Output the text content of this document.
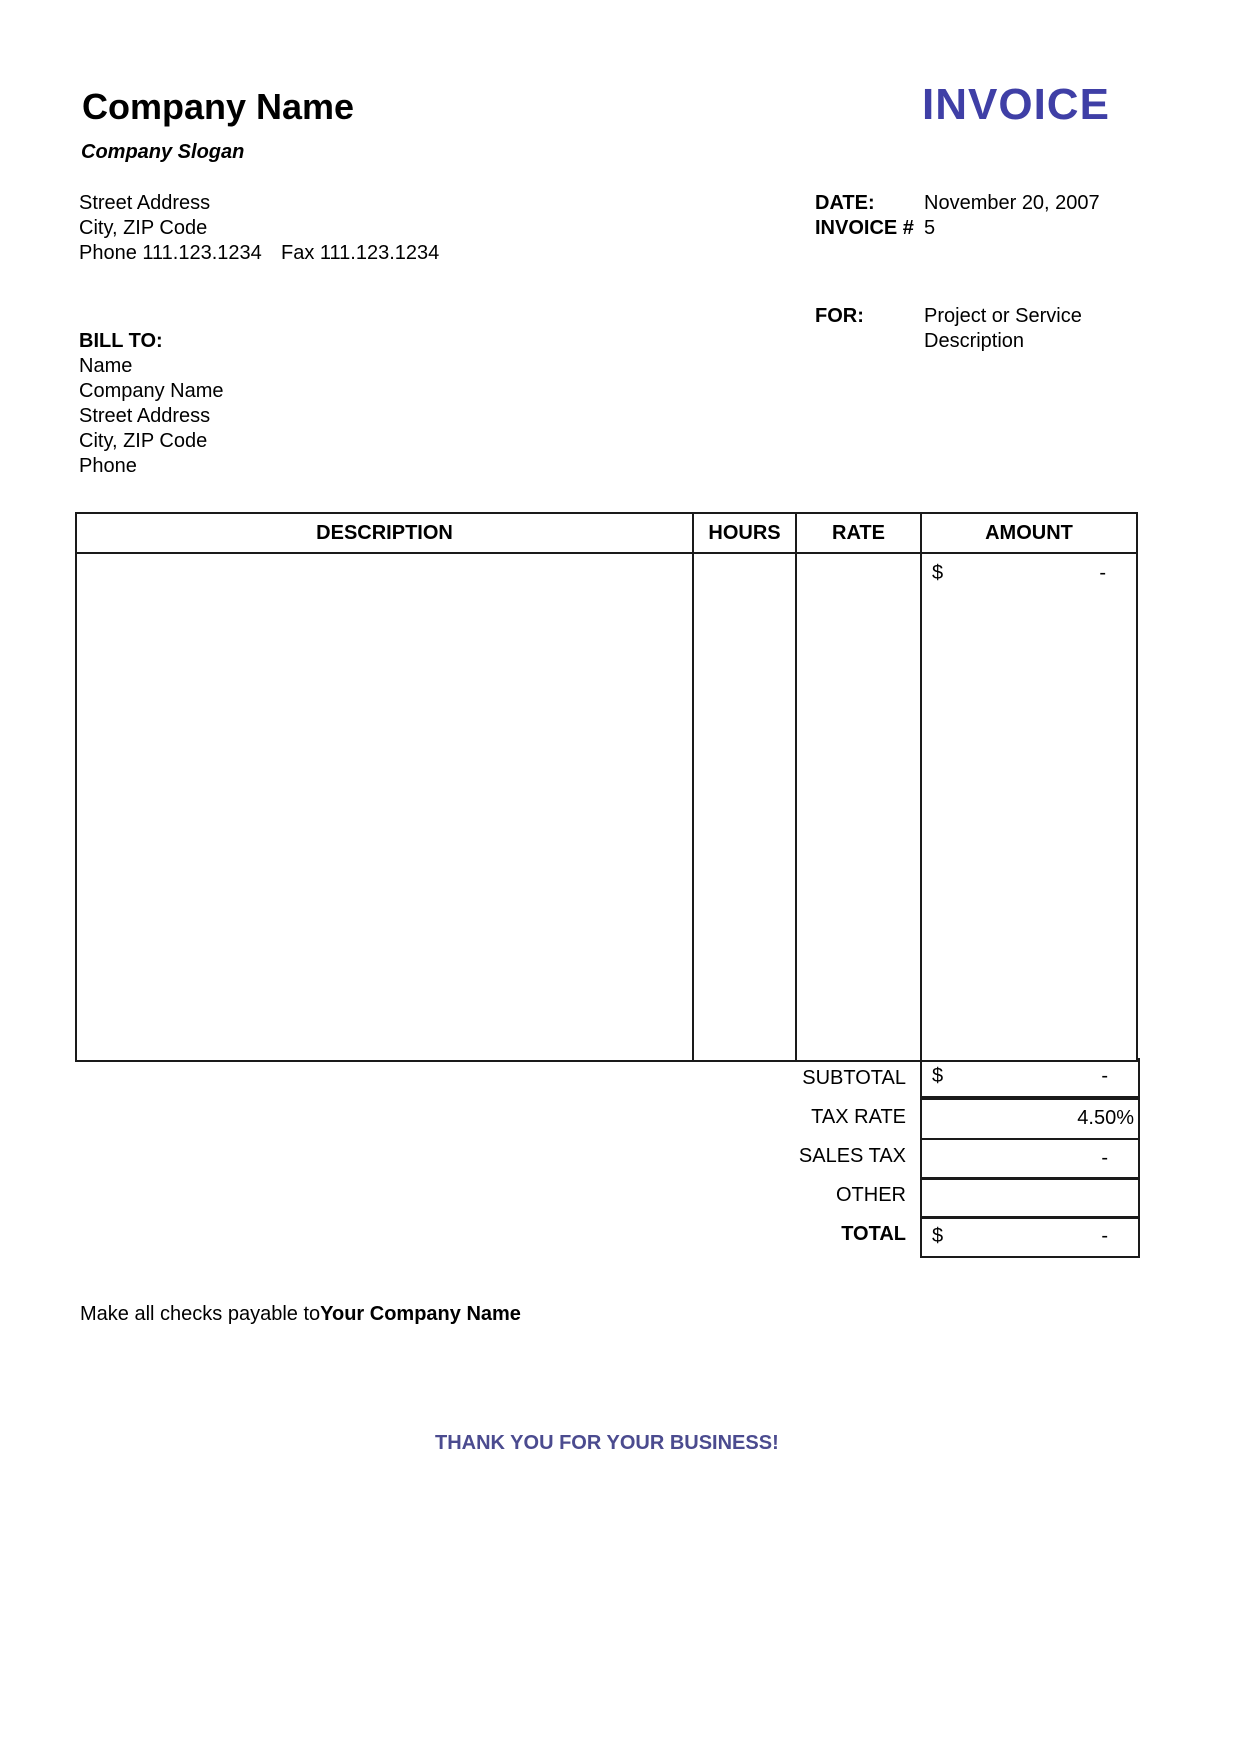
Company Name
Company Slogan
INVOICE
Street Address
City, ZIP Code
Phone 111.123.1234 Fax 111.123.1234
DATE: November 20, 2007
INVOICE # 5
FOR:	Project or Service
Description
BILL TO:
Name
Company Name
Street Address
City, ZIP Code
Phone
DESCRIPTION	HOURS	RATE	AMOUNT

			$ -
SUBTOTAL $	-
TAX RATE	4.50%
SALES TAX	-
OTHER
TOTAL $	-
Make all checks payable toYour Company Name
THANK YOU FOR YOUR BUSINESS!
